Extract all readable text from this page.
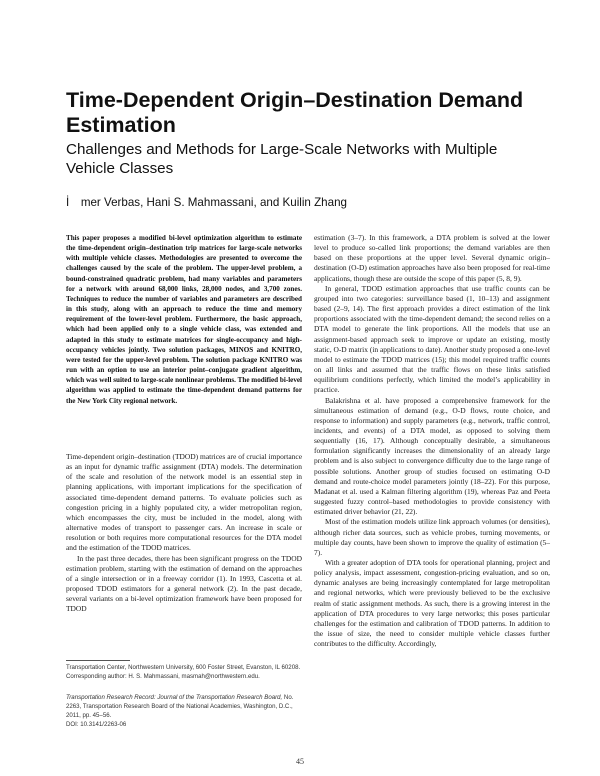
Time-Dependent Origin–Destination Demand Estimation
Challenges and Methods for Large-Scale Networks with Multiple Vehicle Classes

İ mer Verbas, Hani S. Mahmassani, and Kuilin Zhang

This paper proposes a modified bi-level optimization algorithm to estimate the time-dependent origin–destination trip matrices for large-scale networks with multiple vehicle classes. Methodologies are presented to overcome the challenges caused by the scale of the problem. The upper-level problem, a bound-constrained quadratic problem, had many variables and parameters for a network with around 68,000 links, 28,000 nodes, and 3,700 zones. Techniques to reduce the number of variables and parameters are described in this study, along with an approach to reduce the time and memory requirement of the lower-level problem. Furthermore, the basic approach, which had been applied only to a single vehicle class, was extended and adapted in this study to estimate matrices for single-occupancy and high-occupancy vehicles jointly. Two solution packages, MINOS and KNITRO, were tested for the upper-level problem. The solution package KNITRO was run with an option to use an interior point–conjugate gradient algorithm, which was well suited to large-scale nonlinear problems. The modified bi-level algorithm was applied to estimate the time-dependent demand patterns for the New York City regional network.

Time-dependent origin–destination (TDOD) matrices are of crucial importance as an input for dynamic traffic assignment (DTA) models. The determination of the scale and resolution of the network model is an essential step in planning applications, with important implications for the specification of associated time-dependent demand patterns. To evaluate policies such as congestion pricing in a highly populated city, a wider metropolitan region, which encompasses the city, must be included in the model, along with alternative modes of transport to passenger cars. An increase in scale or resolution or both requires more computational resources for the DTA model and the estimation of the TDOD matrices.

In the past three decades, there has been significant progress on the TDOD estimation problem, starting with the estimation of demand on the approaches of a single intersection or in a freeway corridor (1). In 1993, Cascetta et al. proposed TDOD estimators for a general network (2). In the past decade, several variants on a bi-level optimization framework have been proposed for TDOD

estimation (3–7). In this framework, a DTA problem is solved at the lower level to produce so-called link proportions; the demand variables are then based on these proportions at the upper level. Several dynamic origin–destination (O-D) estimation approaches have also been proposed for real-time applications, though these are outside the scope of this paper (5, 8, 9).

In general, TDOD estimation approaches that use traffic counts can be grouped into two categories: surveillance based (1, 10–13) and assignment based (2–9, 14). The first approach provides a direct estimation of the link proportions associated with the time-dependent demand; the second relies on a DTA model to generate the link proportions. All the models that use an assignment-based approach seek to improve or update an existing, mostly static, O-D matrix (in applications to date). Another study proposed a one-level model to estimate the TDOD matrices (15); this model required traffic counts on all links and assumed that the traffic flows on these links satisfied equilibrium conditions perfectly, which limited the model’s applicability in practice.

Balakrishna et al. have proposed a comprehensive framework for the simultaneous estimation of demand (e.g., O-D flows, route choice, and response to information) and supply parameters (e.g., network, traffic control, incidents, and events) of a DTA model, as opposed to solving them sequentially (16, 17). Although conceptually desirable, a simultaneous formulation significantly increases the dimensionality of an already large problem and is also subject to convergence difficulty due to the large range of possible solutions. Another group of studies focused on estimating O-D demand and route-choice model parameters jointly (18–22). For this purpose, Madanat et al. used a Kalman filtering algorithm (19), whereas Paz and Peeta suggested fuzzy control–based methodologies to provide consistency with estimated driver behavior (21, 22).

Most of the estimation models utilize link approach volumes (or densities), although richer data sources, such as vehicle probes, turning movements, or multiple day counts, have been shown to improve the quality of estimation (5–7).

With a greater adoption of DTA tools for operational planning, project and policy analysis, impact assessment, congestion-pricing evaluation, and so on, dynamic analyses are being increasingly contemplated for large metropolitan and regional networks, which were previously believed to be the exclusive realm of static assignment methods. As such, there is a growing interest in the application of DTA procedures to very large networks; this poses particular challenges for the estimation and calibration of TDOD patterns. In addition to the issue of size, the need to consider multiple vehicle classes further contributes to the difficulty. Accordingly,

Transportation Center, Northwestern University, 600 Foster Street, Evanston, IL 60208. Corresponding author: H. S. Mahmassani, masmah@northwestern.edu.

Transportation Research Record: Journal of the Transportation Research Board, No. 2263, Transportation Research Board of the National Academies, Washington, D.C., 2011, pp. 45–56.
DOI: 10.3141/2263-06

45
